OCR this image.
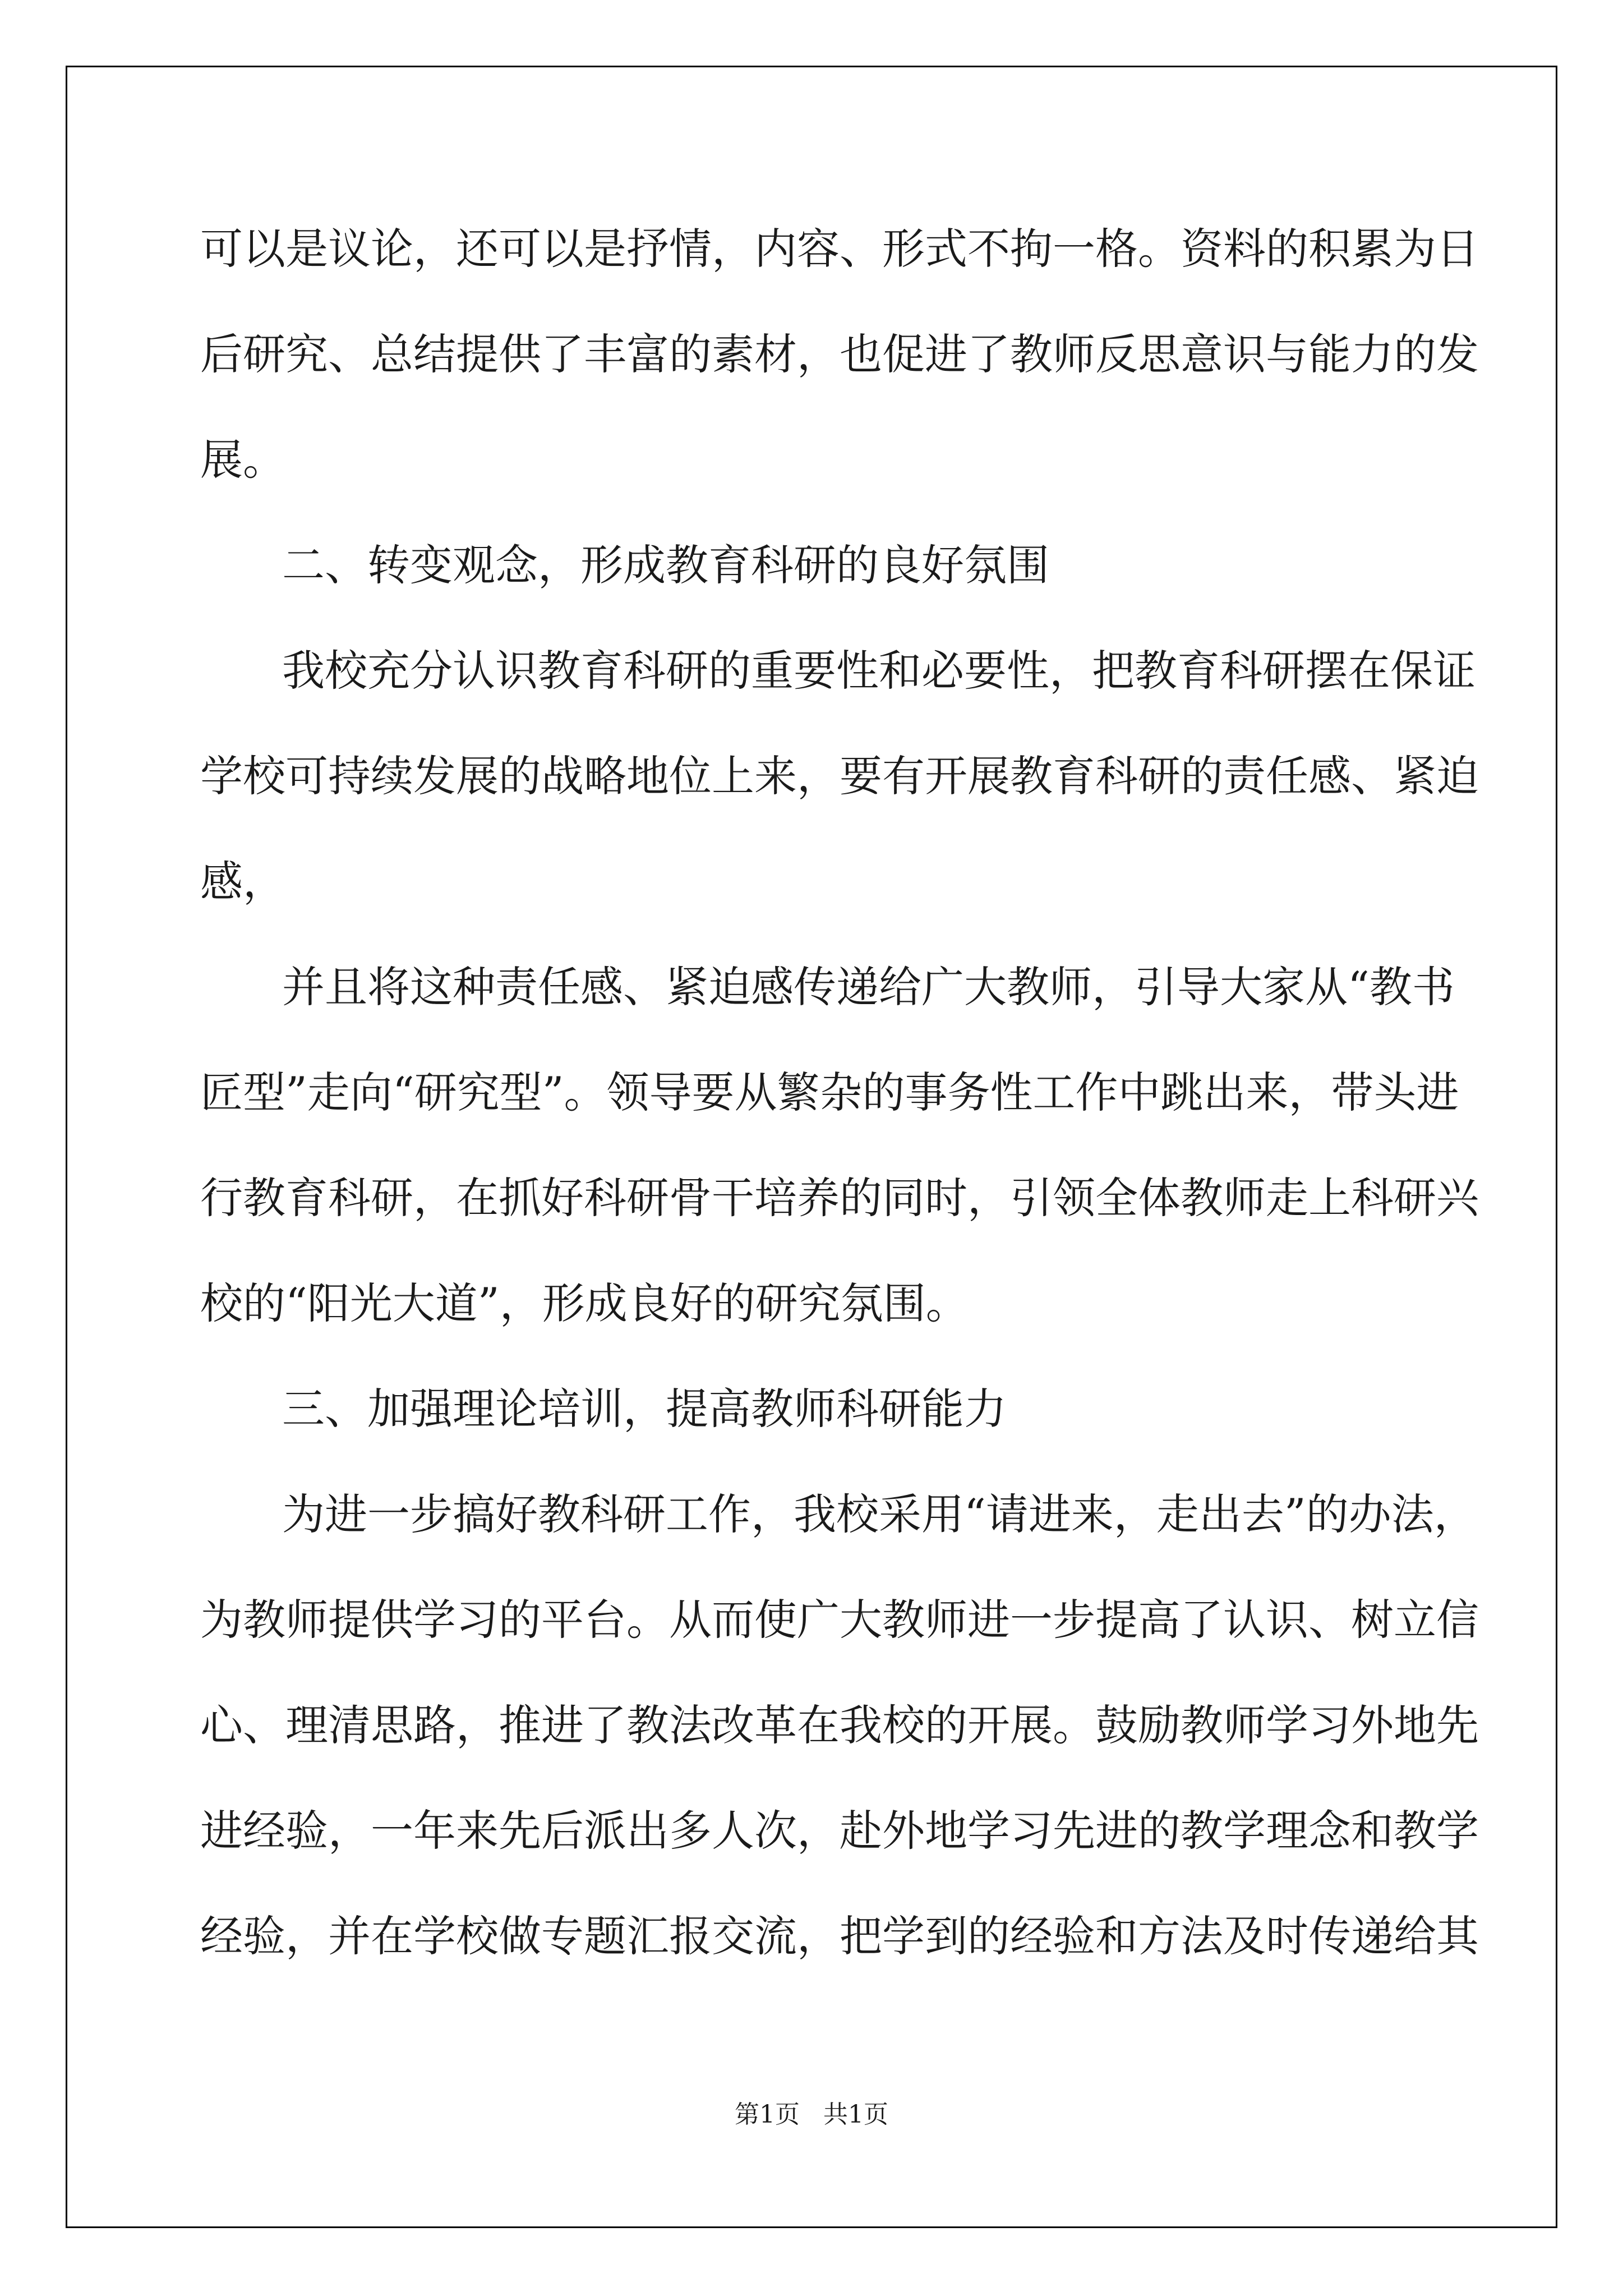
可以是议论，还可以是抒情，内容、形式不拘一格。资料的积累为日
后研究、总结提供了丰富的素材，也促进了教师反思意识与能力的发
展。
二、转变观念，形成教育科研的良好氛围
我校充分认识教育科研的重要性和必要性，把教育科研摆在保证
学校可持续发展的战略地位上来，要有开展教育科研的责任感、紧迫
感，
并且将这种责任感、紧迫感传递给广大教师，引导大家从“教书
匠型”走向“研究型”。领导要从繁杂的事务性工作中跳出来，带头进
行教育科研，在抓好科研骨干培养的同时，引领全体教师走上科研兴
校的“阳光大道”，形成良好的研究氛围。
三、加强理论培训，提高教师科研能力
为进一步搞好教科研工作，我校采用“请进来，走出去”的办法，
为教师提供学习的平台。从而使广大教师进一步提高了认识、树立信
心、理清思路，推进了教法改革在我校的开展。鼓励教师学习外地先
进经验，一年来先后派出多人次，赴外地学习先进的教学理念和教学
经验，并在学校做专题汇报交流，把学到的经验和方法及时传递给其
第1页   共1页
